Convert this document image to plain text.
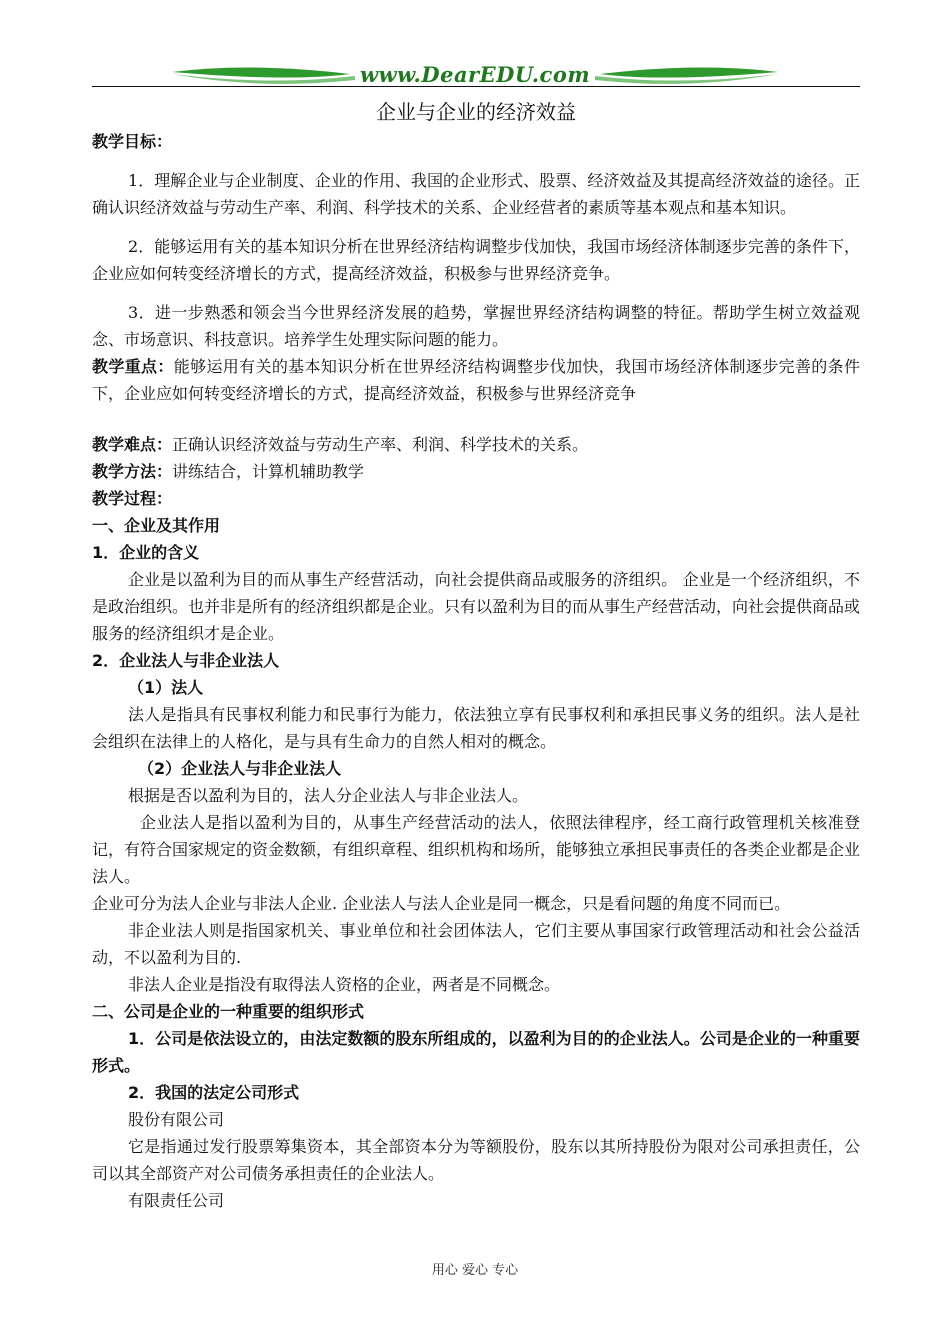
www.DearEDU.com
企业与企业的经济效益

教学目标：

1．理解企业与企业制度、企业的作用、我国的企业形式、股票、经济效益及其提高经济效益的途径。正确认识经济效益与劳动生产率、利润、科学技术的关系、企业经营者的素质等基本观点和基本知识。

2．能够运用有关的基本知识分析在世界经济结构调整步伐加快，我国市场经济体制逐步完善的条件下，企业应如何转变经济增长的方式，提高经济效益，积极参与世界经济竞争。

3．进一步熟悉和领会当今世界经济发展的趋势，掌握世界经济结构调整的特征。帮助学生树立效益观念、市场意识、科技意识。培养学生处理实际问题的能力。

教学重点：能够运用有关的基本知识分析在世界经济结构调整步伐加快，我国市场经济体制逐步完善的条件下，企业应如何转变经济增长的方式，提高经济效益，积极参与世界经济竞争

教学难点：正确认识经济效益与劳动生产率、利润、科学技术的关系。

教学方法：讲练结合，计算机辅助教学

教学过程：

一、企业及其作用

1．企业的含义

企业是以盈利为目的而从事生产经营活动，向社会提供商品或服务的济组织。 企业是一个经济组织，不是政治组织。也并非是所有的经济组织都是企业。只有以盈利为目的而从事生产经营活动，向社会提供商品或服务的经济组织才是企业。

2．企业法人与非企业法人

（1）法人

法人是指具有民事权利能力和民事行为能力，依法独立享有民事权利和承担民事义务的组织。法人是社会组织在法律上的人格化，是与具有生命力的自然人相对的概念。

（2）企业法人与非企业法人

根据是否以盈利为目的，法人分企业法人与非企业法人。

企业法人是指以盈利为目的，从事生产经营活动的法人，依照法律程序，经工商行政管理机关核准登记，有符合国家规定的资金数额，有组织章程、组织机构和场所，能够独立承担民事责任的各类企业都是企业法人。

企业可分为法人企业与非法人企业. 企业法人与法人企业是同一概念，只是看问题的角度不同而已。

非企业法人则是指国家机关、事业单位和社会团体法人，它们主要从事国家行政管理活动和社会公益活动，不以盈利为目的.

非法人企业是指没有取得法人资格的企业，两者是不同概念。

二、公司是企业的一种重要的组织形式

1．公司是依法设立的，由法定数额的股东所组成的，以盈利为目的的企业法人。公司是企业的一种重要形式。

2．我国的法定公司形式

股份有限公司

它是指通过发行股票筹集资本，其全部资本分为等额股份，股东以其所持股份为限对公司承担责任，公司以其全部资产对公司债务承担责任的企业法人。

有限责任公司

用心 爱心 专心
